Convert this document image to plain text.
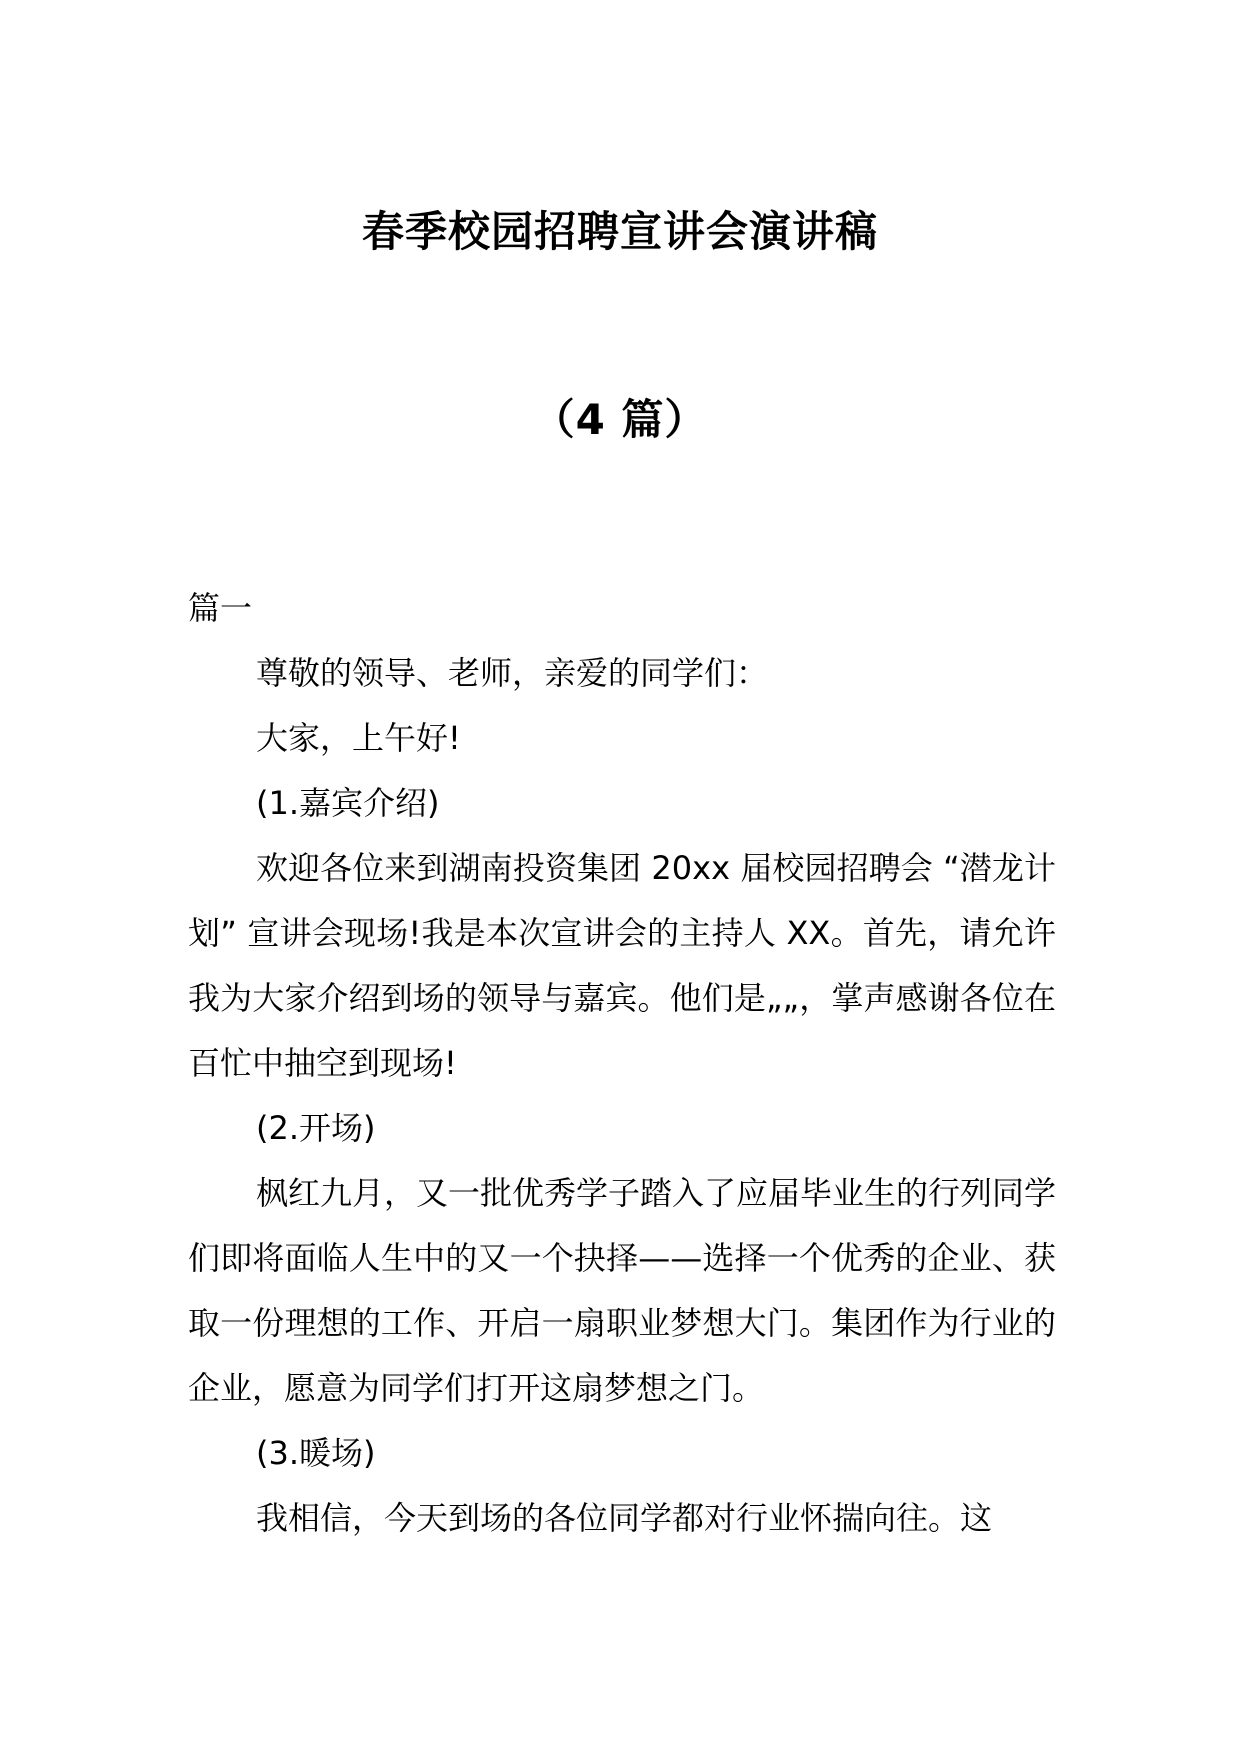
春季校园招聘宣讲会演讲稿
（4 篇）
篇一
尊敬的领导、老师，亲爱的同学们：
大家，上午好!
(1.嘉宾介绍)
欢迎各位来到湖南投资集团 20xx 届校园招聘会 “潜龙计划” 宣讲会现场!我是本次宣讲会的主持人 XX。首先，请允许我为大家介绍到场的领导与嘉宾。他们是„„，掌声感谢各位在百忙中抽空到现场!
(2.开场)
枫红九月，又一批优秀学子踏入了应届毕业生的行列同学们即将面临人生中的又一个抉择——选择一个优秀的企业、获取一份理想的工作、开启一扇职业梦想大门。集团作为行业的企业，愿意为同学们打开这扇梦想之门。
(3.暖场)
我相信，今天到场的各位同学都对行业怀揣向往。这
